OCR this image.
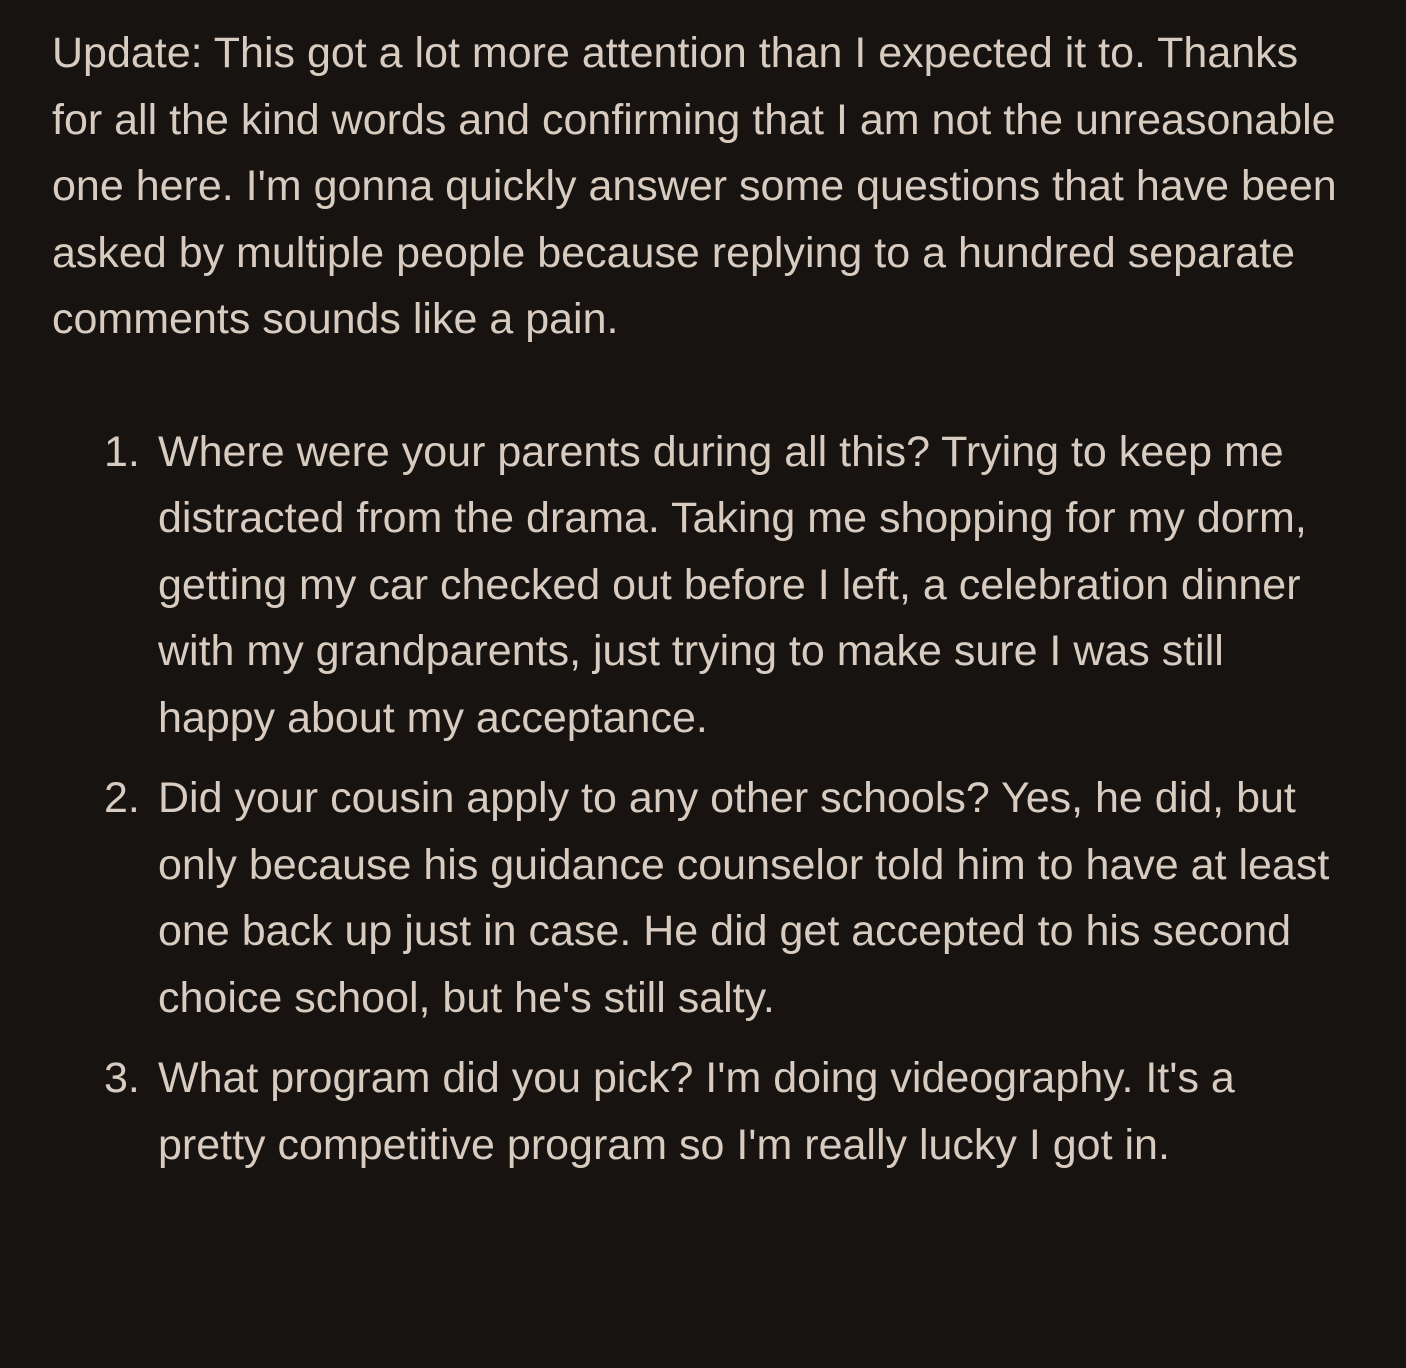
Update: This got a lot more attention than I expected it to. Thanks for all the kind words and confirming that I am not the unreasonable one here. I'm gonna quickly answer some questions that have been asked by multiple people because replying to a hundred separate comments sounds like a pain.

1. Where were your parents during all this? Trying to keep me distracted from the drama. Taking me shopping for my dorm, getting my car checked out before I left, a celebration dinner with my grandparents, just trying to make sure I was still happy about my acceptance.
2. Did your cousin apply to any other schools? Yes, he did, but only because his guidance counselor told him to have at least one back up just in case. He did get accepted to his second choice school, but he's still salty.
3. What program did you pick? I'm doing videography. It's a pretty competitive program so I'm really lucky I got in.
